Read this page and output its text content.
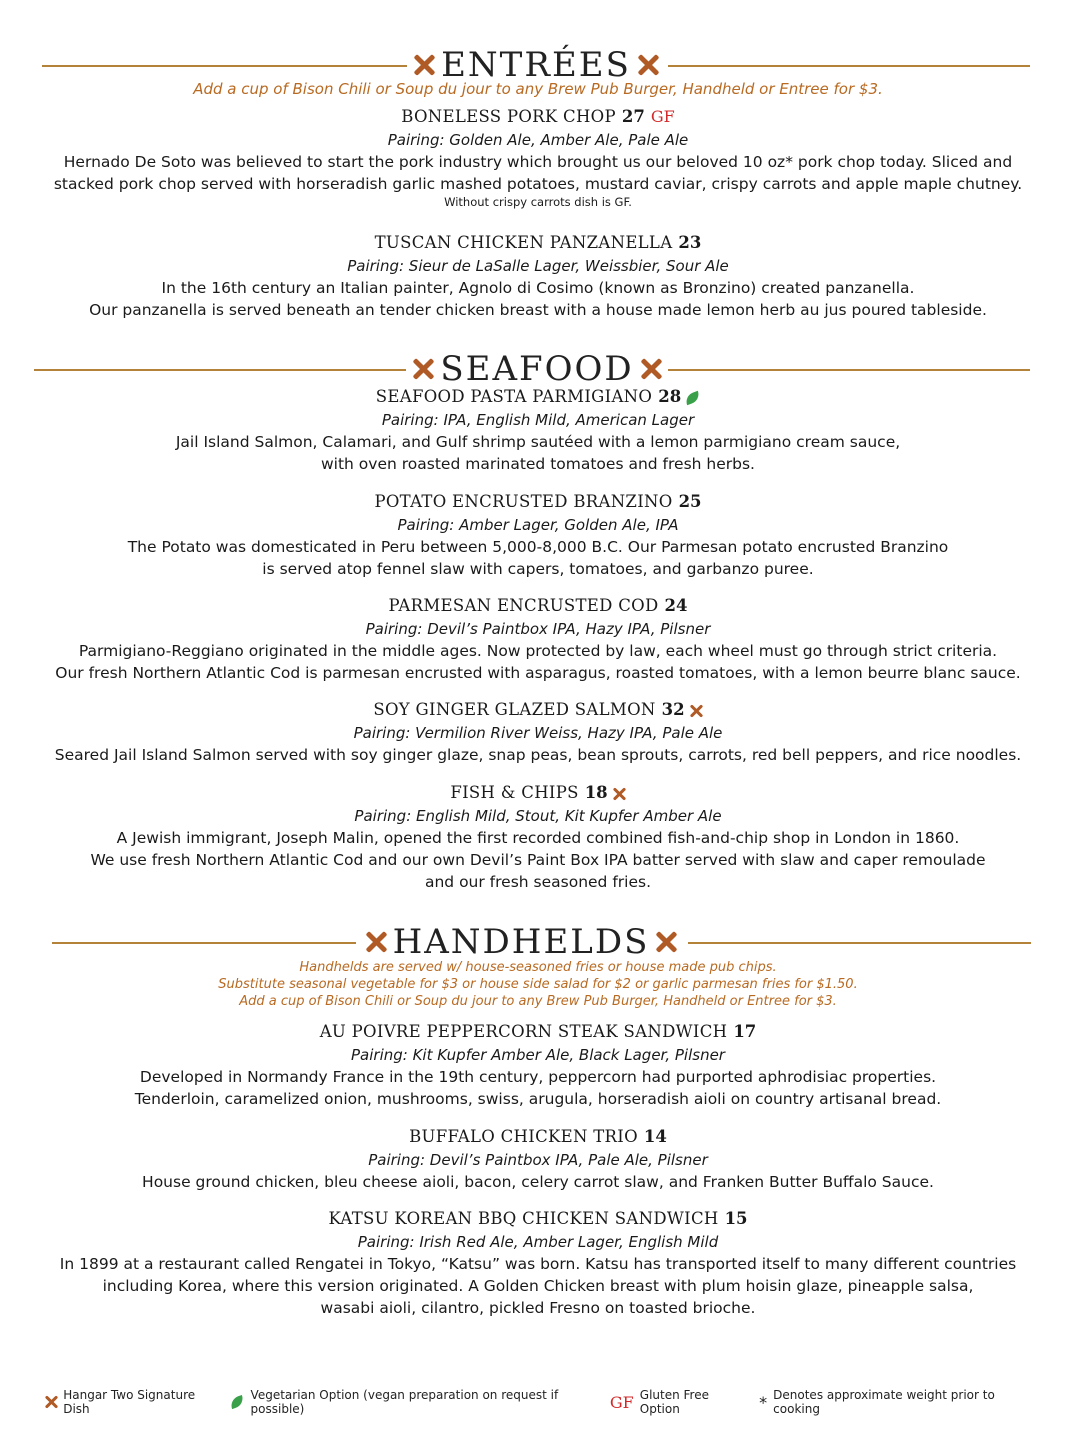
ENTRÉES
Add a cup of Bison Chili or Soup du jour to any Brew Pub Burger, Handheld or Entree for $3.
BONELESS PORK CHOP 27 GF
Pairing: Golden Ale, Amber Ale, Pale Ale
Hernado De Soto was believed to start the pork industry which brought us our beloved 10 oz* pork chop today. Sliced and
stacked pork chop served with horseradish garlic mashed potatoes, mustard caviar, crispy carrots and apple maple chutney.
Without crispy carrots dish is GF.
TUSCAN CHICKEN PANZANELLA 23
Pairing: Sieur de LaSalle Lager, Weissbier, Sour Ale
In the 16th century an Italian painter, Agnolo di Cosimo (known as Bronzino) created panzanella.
Our panzanella is served beneath an tender chicken breast with a house made lemon herb au jus poured tableside.
SEAFOOD
SEAFOOD PASTA PARMIGIANO 28
Pairing: IPA, English Mild, American Lager
Jail Island Salmon, Calamari, and Gulf shrimp sautéed with a lemon parmigiano cream sauce,
with oven roasted marinated tomatoes and fresh herbs.
POTATO ENCRUSTED BRANZINO 25
Pairing: Amber Lager, Golden Ale, IPA
The Potato was domesticated in Peru between 5,000-8,000 B.C. Our Parmesan potato encrusted Branzino
is served atop fennel slaw with capers, tomatoes, and garbanzo puree.
PARMESAN ENCRUSTED COD 24
Pairing: Devil’s Paintbox IPA, Hazy IPA, Pilsner
Parmigiano-Reggiano originated in the middle ages. Now protected by law, each wheel must go through strict criteria.
Our fresh Northern Atlantic Cod is parmesan encrusted with asparagus, roasted tomatoes, with a lemon beurre blanc sauce.
SOY GINGER GLAZED SALMON 32
Pairing: Vermilion River Weiss, Hazy IPA, Pale Ale
Seared Jail Island Salmon served with soy ginger glaze, snap peas, bean sprouts, carrots, red bell peppers, and rice noodles.
FISH & CHIPS 18
Pairing: English Mild, Stout, Kit Kupfer Amber Ale
A Jewish immigrant, Joseph Malin, opened the first recorded combined fish-and-chip shop in London in 1860.
We use fresh Northern Atlantic Cod and our own Devil’s Paint Box IPA batter served with slaw and caper remoulade
and our fresh seasoned fries.
HANDHELDS
Handhelds are served w/ house-seasoned fries or house made pub chips.
Substitute seasonal vegetable for $3 or house side salad for $2 or garlic parmesan fries for $1.50.
Add a cup of Bison Chili or Soup du jour to any Brew Pub Burger, Handheld or Entree for $3.
AU POIVRE PEPPERCORN STEAK SANDWICH 17
Pairing: Kit Kupfer Amber Ale, Black Lager, Pilsner
Developed in Normandy France in the 19th century, peppercorn had purported aphrodisiac properties.
Tenderloin, caramelized onion, mushrooms, swiss, arugula, horseradish aioli on country artisanal bread.
BUFFALO CHICKEN TRIO 14
Pairing: Devil’s Paintbox IPA, Pale Ale, Pilsner
House ground chicken, bleu cheese aioli, bacon, celery carrot slaw, and Franken Butter Buffalo Sauce.
KATSU KOREAN BBQ CHICKEN SANDWICH 15
Pairing: Irish Red Ale, Amber Lager, English Mild
In 1899 at a restaurant called Rengatei in Tokyo, “Katsu” was born. Katsu has transported itself to many different countries
including Korea, where this version originated. A Golden Chicken breast with plum hoisin glaze, pineapple salsa,
wasabi aioli, cilantro, pickled Fresno on toasted brioche.
Hangar Two Signature Dish
Vegetarian Option (vegan preparation on request if possible)	GF Gluten Free Option	* Denotes approximate weight prior to cooking
